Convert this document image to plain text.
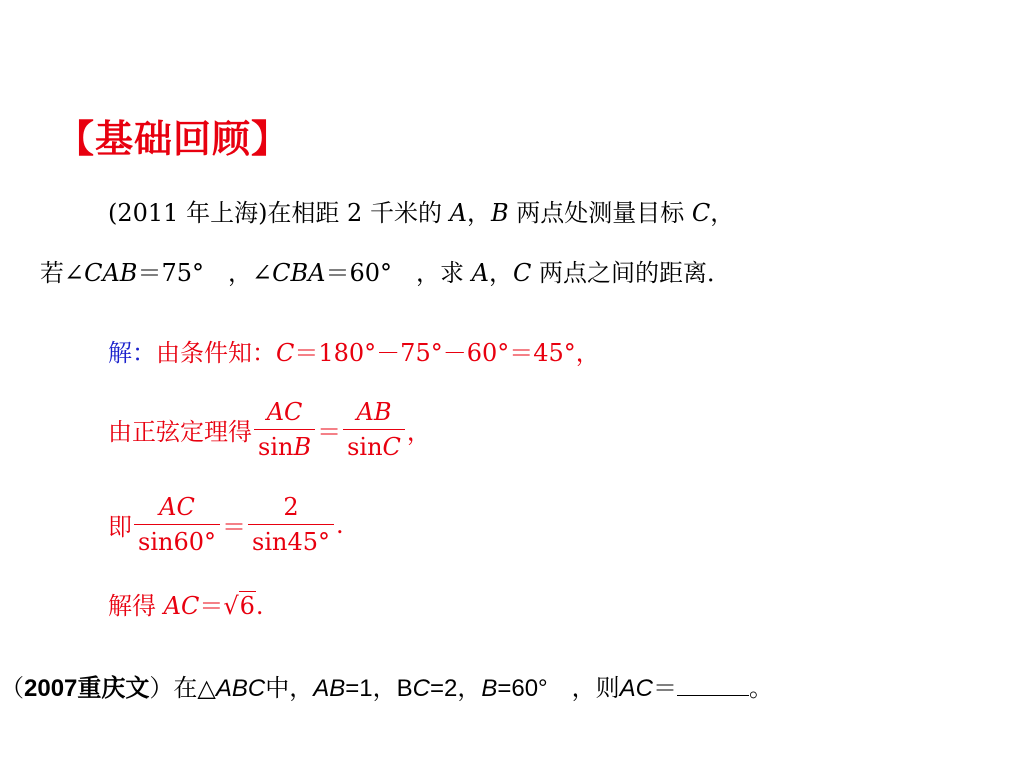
【基础回顾】
(2011 年上海)在相距 2 千米的 A，B 两点处测量目标 C，
若∠CAB＝75°　，∠CBA＝60°　，求 A，C 两点之间的距离．
解：由条件知：C＝180°－75°－60°＝45°，
由正弦定理得 $\frac{AC}{\sin B} = \frac{AB}{\sin C}$ ，
即 $\frac{AC}{\sin 60^\circ} = \frac{2}{\sin 45^\circ}$ .
解得 AC＝√6.
（2007重庆文）在△ABC中，AB=1，BC=2，B=60°　，则AC＝	。
